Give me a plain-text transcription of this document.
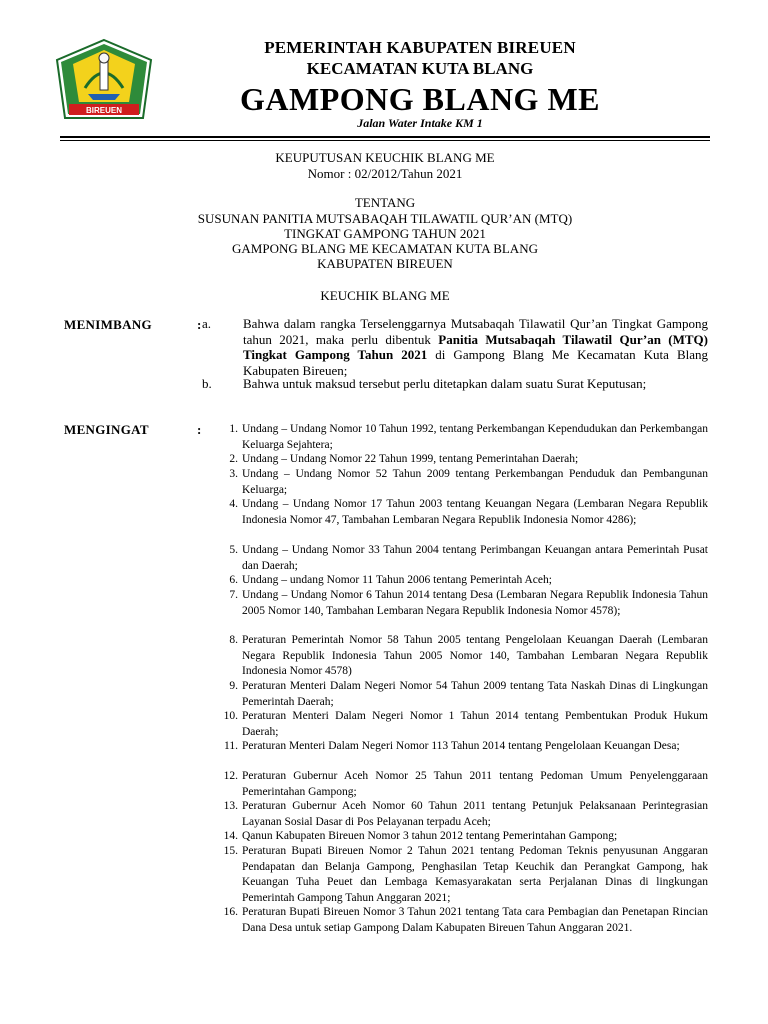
BIREUEN
PEMERINTAH KABUPATEN BIREUEN
KECAMATAN KUTA BLANG
GAMPONG BLANG ME
Jalan Water Intake KM 1
KEUPUTUSAN KEUCHIK BLANG ME
Nomor : 02/2012/Tahun 2021
TENTANG
SUSUNAN PANITIA MUTSABAQAH TILAWATIL QUR’AN (MTQ)
TINGKAT GAMPONG TAHUN 2021
GAMPONG BLANG ME KECAMATAN KUTA BLANG
KABUPATEN BIREUEN
KEUCHIK BLANG ME
MENIMBANG	: a. Bahwa dalam rangka Terselenggarnya Mutsabaqah Tilawatil Qur’an Tingkat Gampong tahun 2021, maka perlu dibentuk Panitia Mutsabaqah Tilawatil Qur’an (MTQ) Tingkat Gampong Tahun 2021 di Gampong Blang Me Kecamatan Kuta Blang Kabupaten Bireuen;
b. Bahwa untuk maksud tersebut perlu ditetapkan dalam suatu Surat Keputusan;
MENGINGAT	:	1. Undang – Undang Nomor 10 Tahun 1992, tentang Perkembangan Kependudukan dan Perkembangan Keluarga Sejahtera;
2. Undang – Undang Nomor 22 Tahun 1999, tentang Pemerintahan Daerah;
3. Undang – Undang Nomor 52 Tahun 2009 tentang Perkembangan Penduduk dan Pembangunan Keluarga;
4. Undang – Undang Nomor 17 Tahun 2003 tentang Keuangan Negara (Lembaran Negara Republik Indonesia Nomor 47, Tambahan Lembaran Negara Republik Indonesia Nomor 4286);
5. Undang – Undang Nomor 33 Tahun 2004 tentang Perimbangan Keuangan antara Pemerintah Pusat dan Daerah;
6. Undang – undang Nomor 11 Tahun 2006 tentang Pemerintah Aceh;
7. Undang – Undang Nomor 6 Tahun 2014 tentang Desa (Lembaran Negara Republik Indonesia Tahun 2005 Nomor 140, Tambahan Lembaran Negara Republik Indonesia Nomor 4578);
8. Peraturan Pemerintah Nomor 58 Tahun 2005 tentang Pengelolaan Keuangan Daerah (Lembaran Negara Republik Indonesia Tahun 2005 Nomor 140, Tambahan Lembaran Negara Republik Indonesia Nomor 4578)
9. Peraturan Menteri Dalam Negeri Nomor 54 Tahun 2009 tentang Tata Naskah Dinas di Lingkungan Pemerintah Daerah;
10. Peraturan Menteri Dalam Negeri Nomor 1 Tahun 2014 tentang Pembentukan Produk Hukum Daerah;
11. Peraturan Menteri Dalam Negeri Nomor 113 Tahun 2014 tentang Pengelolaan Keuangan Desa;
12. Peraturan Gubernur Aceh Nomor 25 Tahun 2011 tentang Pedoman Umum Penyelenggaraan Pemerintahan Gampong;
13. Peraturan Gubernur Aceh Nomor 60 Tahun 2011 tentang Petunjuk Pelaksanaan Perintegrasian Layanan Sosial Dasar di Pos Pelayanan terpadu Aceh;
14. Qanun Kabupaten Bireuen Nomor 3 tahun 2012 tentang Pemerintahan Gampong;
15. Peraturan Bupati Bireuen Nomor 2 Tahun 2021 tentang Pedoman Teknis penyusunan Anggaran Pendapatan dan Belanja Gampong, Penghasilan Tetap Keuchik dan Perangkat Gampong, hak Keuangan Tuha Peuet dan Lembaga Kemasyarakatan serta Perjalanan Dinas di lingkungan Pemerintah Gampong Tahun Anggaran 2021;
16. Peraturan Bupati Bireuen Nomor 3 Tahun 2021 tentang Tata cara Pembagian dan Penetapan Rincian Dana Desa untuk setiap Gampong Dalam Kabupaten Bireuen Tahun Anggaran 2021.
